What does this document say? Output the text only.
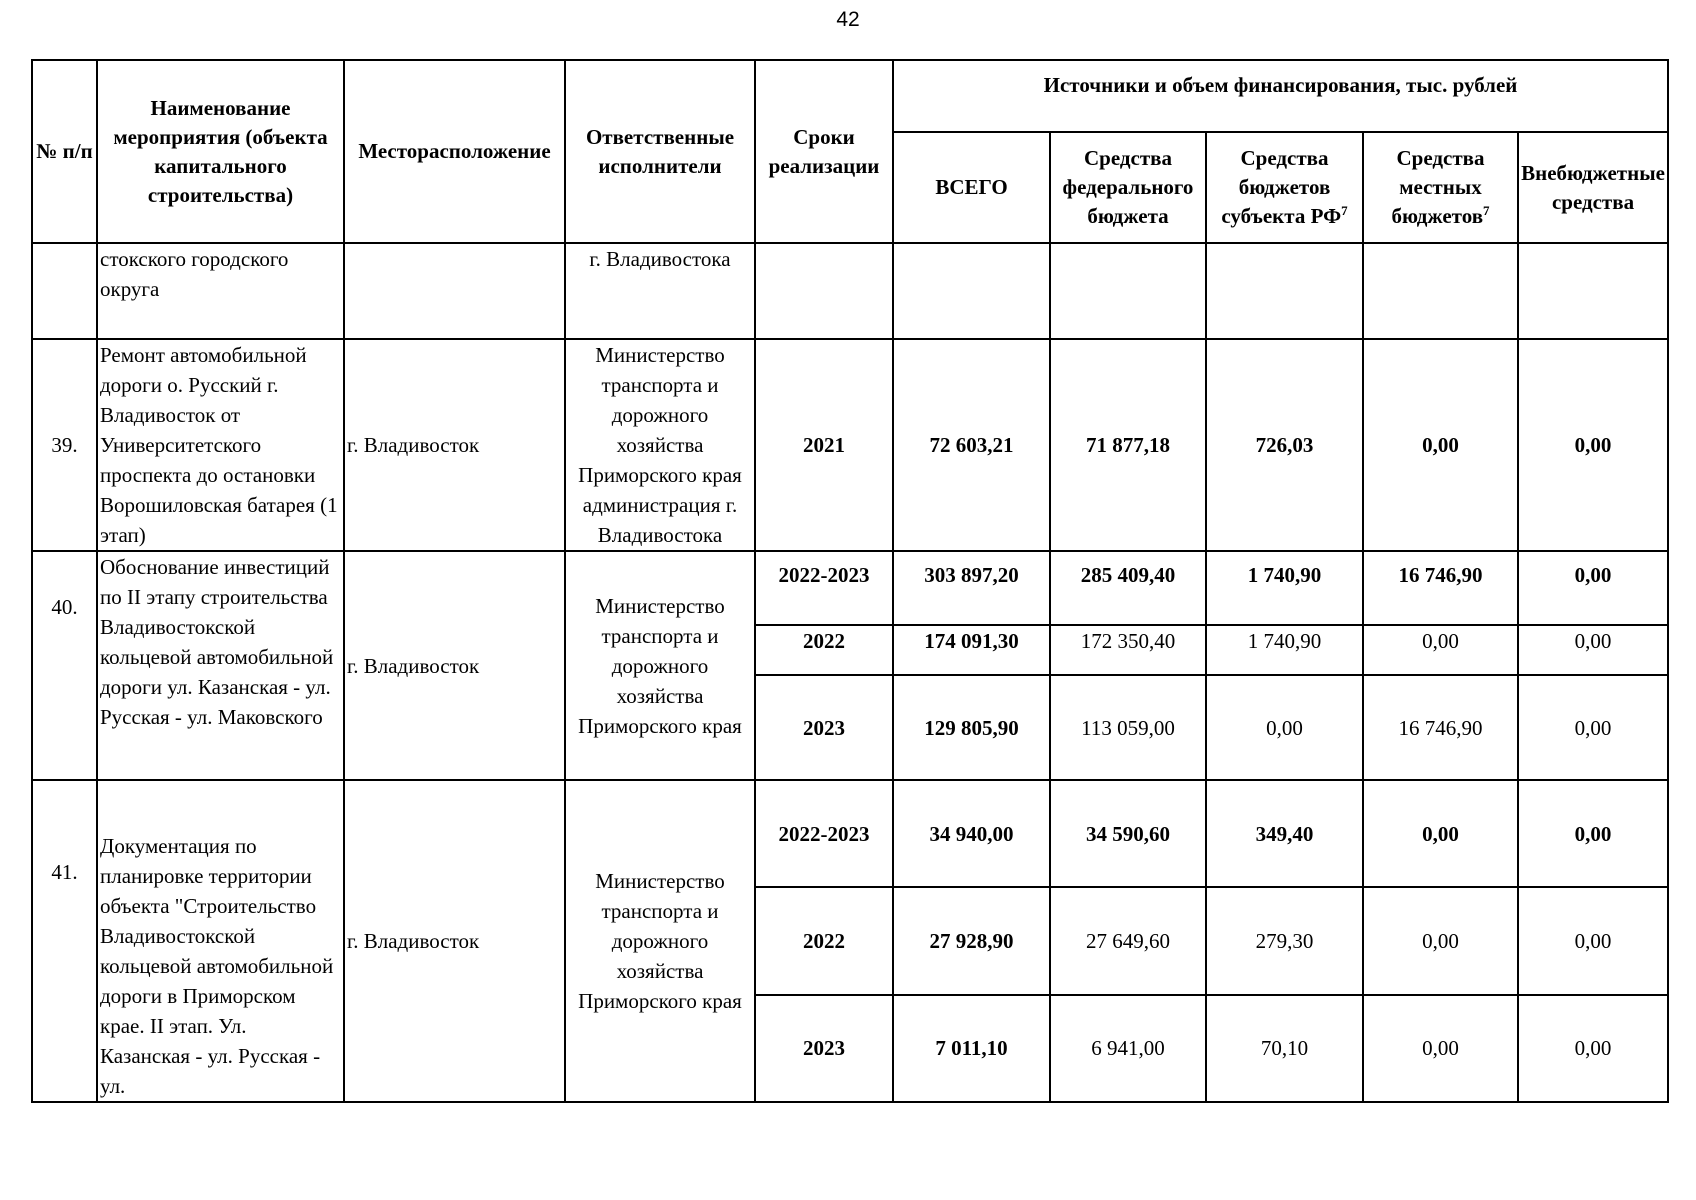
42
№ п/п	Наименование мероприятия (объекта капитального строительства)	Месторасположение	Ответственные исполнители	Сроки реализации	Источники и объем финансирования, тыс. рублей				
					ВСЕГО	Средства федерального бюджета	Средства бюджетов субъекта $РФ^7$	Средства местных бюджетов$^7$	Внебюджетные средства
	стокского городского округа		г. Владивостока						
39.	Ремонт автомобильной дороги о. Русский г. Владивосток от Университетского проспекта до остановки Ворошиловская батарея (1 этап)	г. Владивосток	Министерство транспорта и дорожного хозяйства Приморского края администрация г. Владивостока	2021	72 603,21	71 877,18	726,03	0,00	0,00
40.	Обоснование инвестиций по II этапу строительства Владивостокской кольцевой автомобильной дороги ул. Казанская - ул. Русская - ул. Маковского	г. Владивосток	Министерство транспорта и дорожного хозяйства Приморского края	2022-2023	303 897,20	285 409,40	1 740,90	16 746,90	0,00
				2022	174 091,30	172 350,40	1 740,90	0,00	0,00
				2023	129 805,90	113 059,00	0,00	16 746,90	0,00
41.	Документация по планировке территории объекта "Строительство Владивостокской кольцевой автомобильной дороги в Приморском крае. II этап. Ул. Казанская - ул. Русская - ул.	г. Владивосток	Министерство транспорта и дорожного хозяйства Приморского края	2022-2023	34 940,00	34 590,60	349,40	0,00	0,00
				2022	27 928,90	27 649,60	279,30	0,00	0,00
				2023	7 011,10	6 941,00	70,10	0,00	0,00
